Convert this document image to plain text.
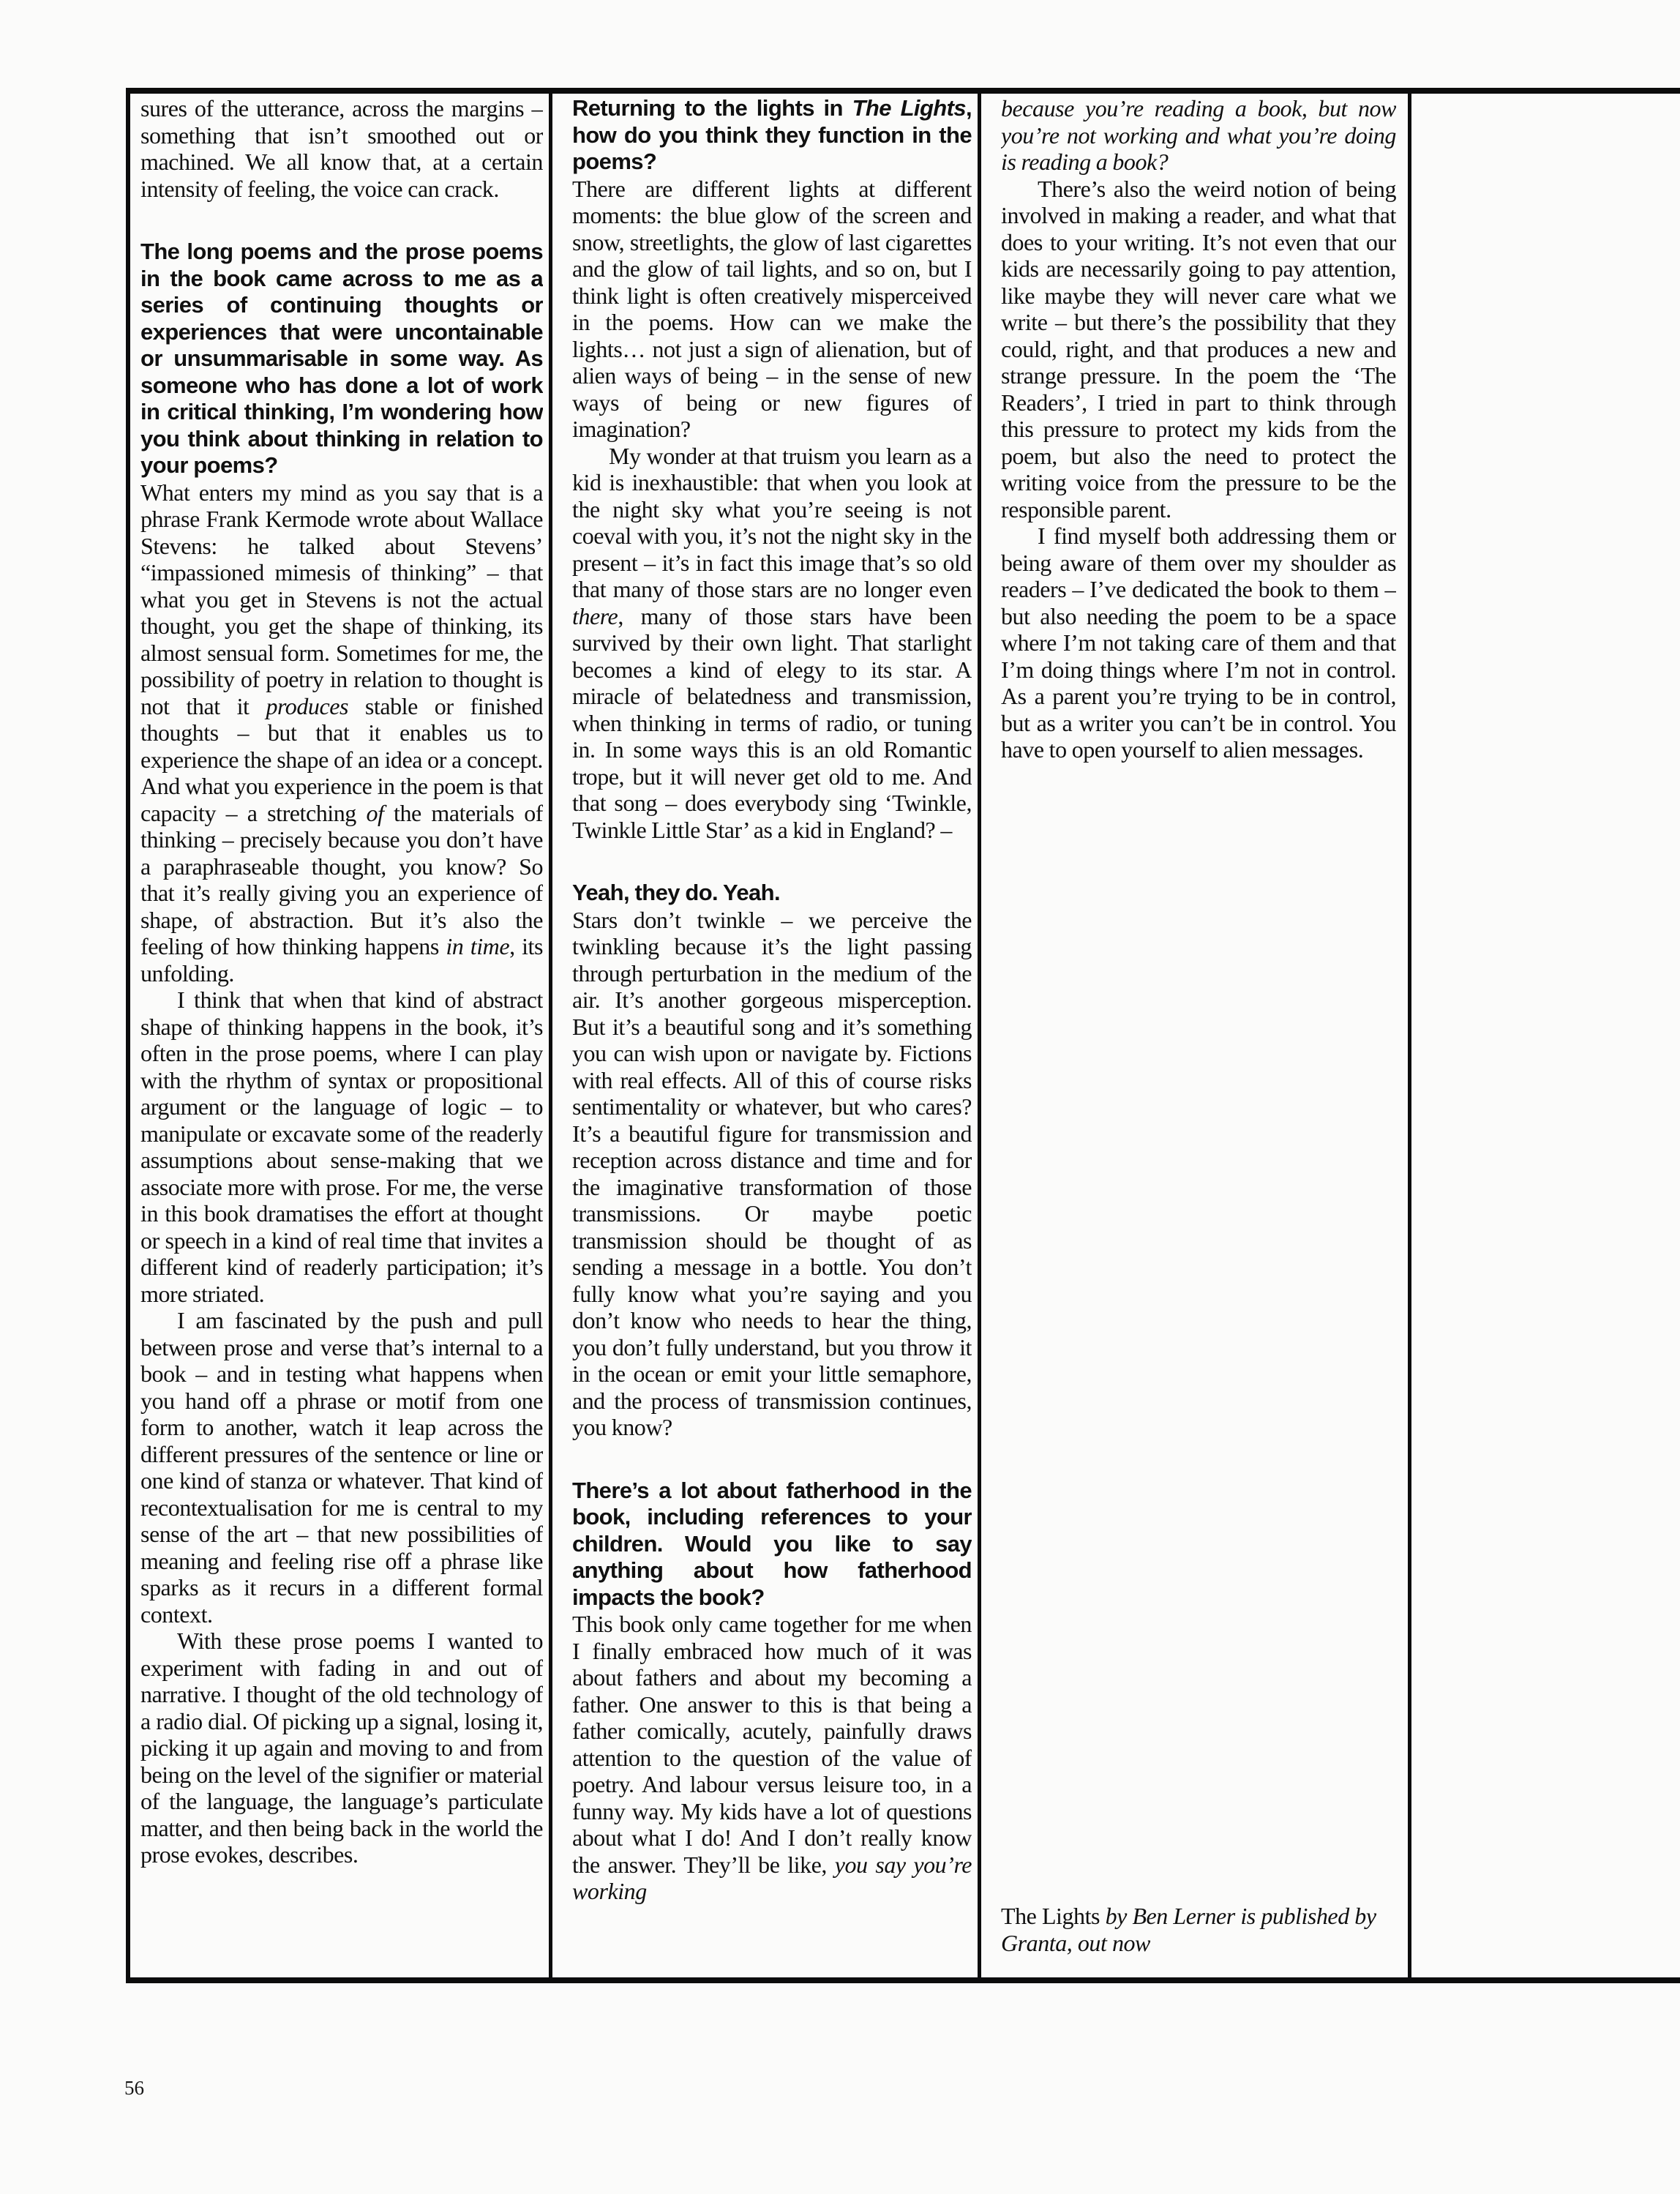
sures of the utterance, across the margins – something that isn’t smoothed out or machined. We all know that, at a certain intensity of feeling, the voice can crack.

The long poems and the prose poems in the book came across to me as a series of continuing thoughts or experiences that were uncontainable or unsummarisable in some way. As someone who has done a lot of work in critical thinking, I’m wondering how you think about thinking in relation to your poems?

What enters my mind as you say that is a phrase Frank Kermode wrote about Wallace Stevens: he talked about Stevens’ “impassioned mimesis of thinking” – that what you get in Stevens is not the actual thought, you get the shape of thinking, its almost sensual form. Sometimes for me, the possibility of poetry in relation to thought is not that it produces stable or finished thoughts – but that it enables us to experience the shape of an idea or a concept. And what you experience in the poem is that capacity – a stretching of the materials of thinking – precisely because you don’t have a paraphraseable thought, you know? So that it’s really giving you an experience of shape, of abstraction. But it’s also the feeling of how thinking happens in time, its unfolding.

I think that when that kind of abstract shape of thinking happens in the book, it’s often in the prose poems, where I can play with the rhythm of syntax or propositional argument or the language of logic – to manipulate or excavate some of the readerly assumptions about sense-making that we associate more with prose. For me, the verse in this book dramatises the effort at thought or speech in a kind of real time that invites a different kind of readerly participation; it’s more striated.

I am fascinated by the push and pull between prose and verse that’s internal to a book – and in testing what happens when you hand off a phrase or motif from one form to another, watch it leap across the different pressures of the sentence or line or one kind of stanza or whatever. That kind of recontextualisation for me is central to my sense of the art – that new possibilities of meaning and feeling rise off a phrase like sparks as it recurs in a different formal context.

With these prose poems I wanted to experiment with fading in and out of narrative. I thought of the old technology of a radio dial. Of picking up a signal, losing it, picking it up again and moving to and from being on the level of the signifier or material of the language, the language’s particulate matter, and then being back in the world the prose evokes, describes.

Returning to the lights in The Lights, how do you think they function in the poems?

There are different lights at different moments: the blue glow of the screen and snow, streetlights, the glow of last cigarettes and the glow of tail lights, and so on, but I think light is often creatively misperceived in the poems. How can we make the lights… not just a sign of alienation, but of alien ways of being – in the sense of new ways of being or new figures of imagination?

My wonder at that truism you learn as a kid is inexhaustible: that when you look at the night sky what you’re seeing is not coeval with you, it’s not the night sky in the present – it’s in fact this image that’s so old that many of those stars are no longer even there, many of those stars have been survived by their own light. That starlight becomes a kind of elegy to its star. A miracle of belatedness and transmission, when thinking in terms of radio, or tuning in. In some ways this is an old Romantic trope, but it will never get old to me. And that song – does everybody sing ‘Twinkle, Twinkle Little Star’ as a kid in England? –

Yeah, they do. Yeah.

Stars don’t twinkle – we perceive the twinkling because it’s the light passing through perturbation in the medium of the air. It’s another gorgeous misperception. But it’s a beautiful song and it’s something you can wish upon or navigate by. Fictions with real effects. All of this of course risks sentimentality or whatever, but who cares? It’s a beautiful figure for transmission and reception across distance and time and for the imaginative transformation of those transmissions. Or maybe poetic transmission should be thought of as sending a message in a bottle. You don’t fully know what you’re saying and you don’t know who needs to hear the thing, you don’t fully understand, but you throw it in the ocean or emit your little semaphore, and the process of transmission continues, you know?

There’s a lot about fatherhood in the book, including references to your children. Would you like to say anything about how fatherhood impacts the book?

This book only came together for me when I finally embraced how much of it was about fathers and about my becoming a father. One answer to this is that being a father comically, acutely, painfully draws attention to the question of the value of poetry. And labour versus leisure too, in a funny way. My kids have a lot of questions about what I do! And I don’t really know the answer. They’ll be like, you say you’re working

because you’re reading a book, but now you’re not working and what you’re doing is reading a book?

There’s also the weird notion of being involved in making a reader, and what that does to your writing. It’s not even that our kids are necessarily going to pay attention, like maybe they will never care what we write – but there’s the possibility that they could, right, and that produces a new and strange pressure. In the poem the ‘The Readers’, I tried in part to think through this pressure to protect my kids from the poem, but also the need to protect the writing voice from the pressure to be the responsible parent.

I find myself both addressing them or being aware of them over my shoulder as readers – I’ve dedicated the book to them – but also needing the poem to be a space where I’m not taking care of them and that I’m doing things where I’m not in control. As a parent you’re trying to be in control, but as a writer you can’t be in control. You have to open yourself to alien messages.

The Lights by Ben Lerner is published by Granta, out now

56
